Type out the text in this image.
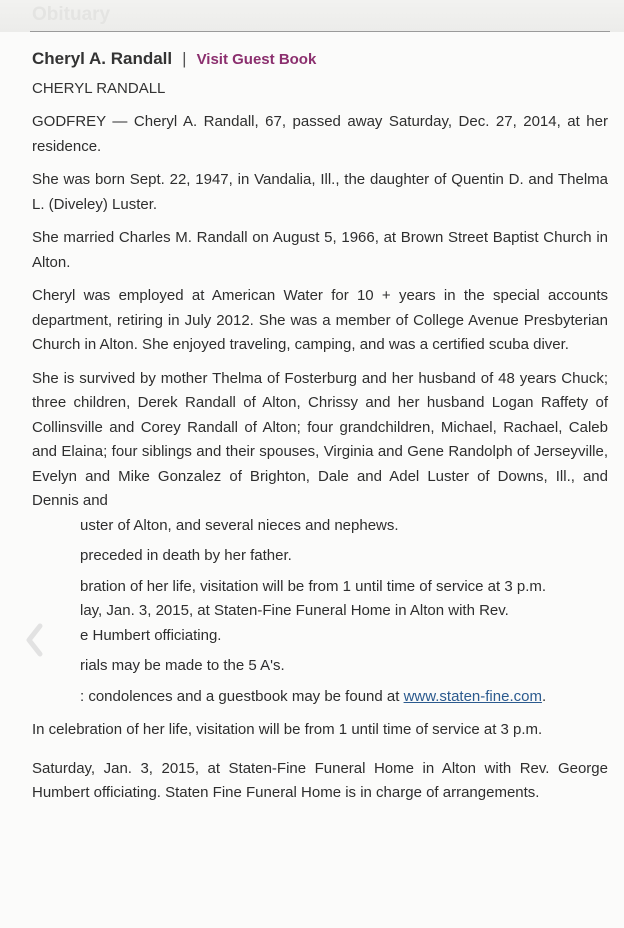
Obituary
Cheryl A. Randall | Visit Guest Book

CHERYL RANDALL

GODFREY — Cheryl A. Randall, 67, passed away Saturday, Dec. 27, 2014, at her residence.

She was born Sept. 22, 1947, in Vandalia, Ill., the daughter of Quentin D. and Thelma L. (Diveley) Luster.

She married Charles M. Randall on August 5, 1966, at Brown Street Baptist Church in Alton.

Cheryl was employed at American Water for 10 + years in the special accounts department, retiring in July 2012. She was a member of College Avenue Presbyterian Church in Alton. She enjoyed traveling, camping, and was a certified scuba diver.

She is survived by mother Thelma of Fosterburg and her husband of 48 years Chuck; three children, Derek Randall of Alton, Chrissy and her husband Logan Raffety of Collinsville and Corey Randall of Alton; four grandchildren, Michael, Rachael, Caleb and Elaina; four siblings and their spouses, Virginia and Gene Randolph of Jerseyville, Evelyn and Mike Gonzalez of Brighton, Dale and Adel Luster of Downs, Ill., and Dennis and

uster of Alton, and several nieces and nephews.

preceded in death by her father.

bration of her life, visitation will be from 1 until time of service at 3 p.m.

lay, Jan. 3, 2015, at Staten-Fine Funeral Home in Alton with Rev.

e Humbert officiating.

rials may be made to the 5 A's.

: condolences and a guestbook may be found at www.staten-fine.com.

In celebration of her life, visitation will be from 1 until time of service at 3 p.m.

Saturday, Jan. 3, 2015, at Staten-Fine Funeral Home in Alton with Rev. George Humbert officiating. Staten Fine Funeral Home is in charge of arrangements.
